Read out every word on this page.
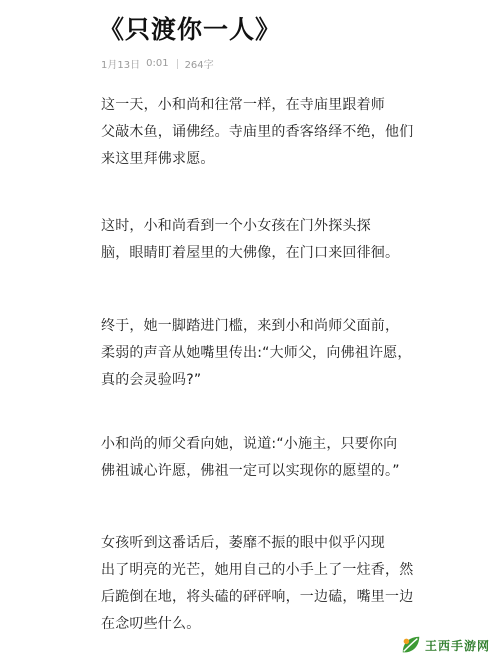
《只渡你一人》
1月13日 0:01 264字
这一天，小和尚和往常一样，在寺庙里跟着师
父敲木鱼，诵佛经。寺庙里的香客络绎不绝，他们
来这里拜佛求愿。
这时，小和尚看到一个小女孩在门外探头探
脑，眼睛盯着屋里的大佛像，在门口来回徘徊。
终于，她一脚踏进门槛，来到小和尚师父面前，
柔弱的声音从她嘴里传出:“大师父，向佛祖许愿，
真的会灵验吗?”
小和尚的师父看向她，说道:“小施主，只要你向
佛祖诚心许愿，佛祖一定可以实现你的愿望的。”
女孩听到这番话后，萎靡不振的眼中似乎闪现
出了明亮的光芒，她用自己的小手上了一炷香，然
后跪倒在地，将头磕的砰砰响，一边磕，嘴里一边
在念叨些什么。
王西手游网
